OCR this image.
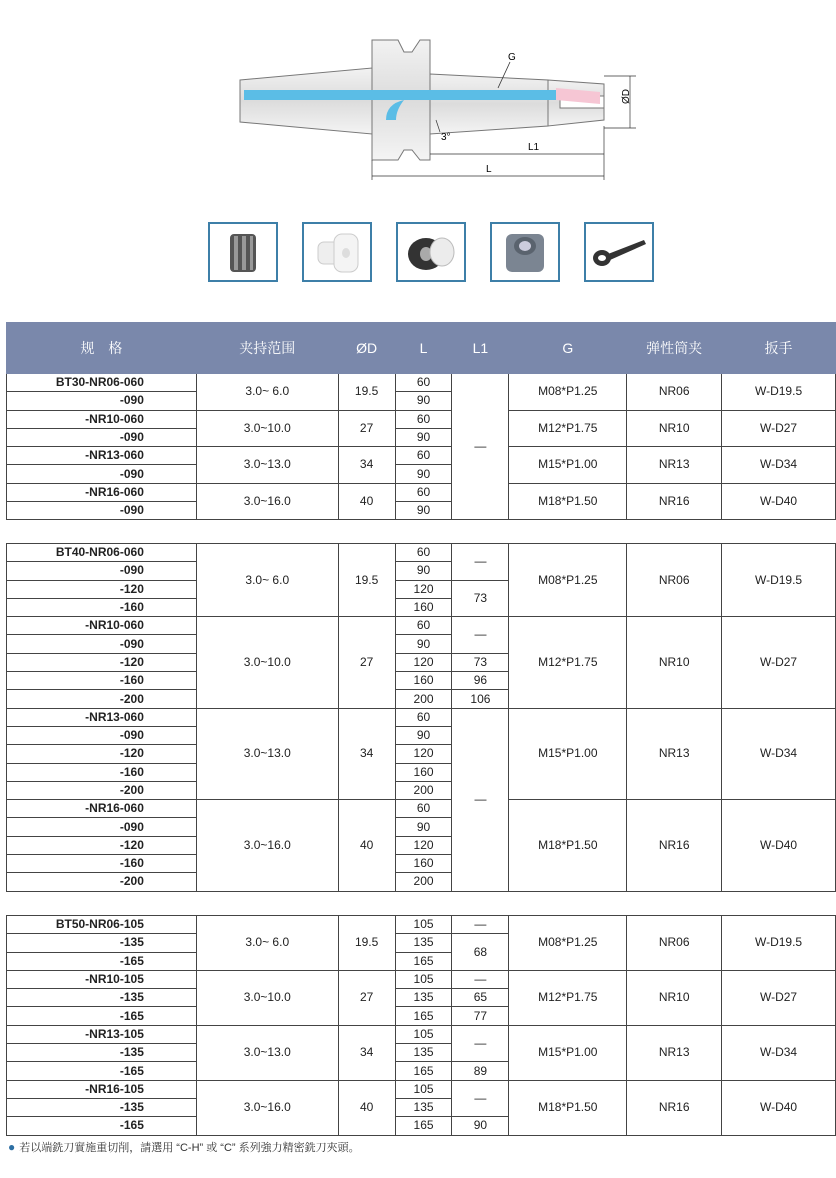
G
ØD
3°
L1
L
规　格	夹持范围	ØD	L	L1	G	弹性筒夹	扳手
BT30-NR06-060	3.0~ 6.0	19.5	60	—	M08*P1.25	NR06	W-D19.5
-090			90				
-NR10-060	3.0~10.0	27	60		M12*P1.75	NR10	W-D27
-090			90				
-NR13-060	3.0~13.0	34	60		M15*P1.00	NR13	W-D34
-090			90				
-NR16-060	3.0~16.0	40	60		M18*P1.50	NR16	W-D40
-090			90				
BT40-NR06-060	3.0~ 6.0	19.5	60	—	M08*P1.25	NR06	W-D19.5
-090			90				
-120			120	73			
-160			160				
-NR10-060	3.0~10.0	27	60	—	M12*P1.75	NR10	W-D27
-090			90				
-120			120	73			
-160			160	96			
-200			200	106			
-NR13-060	3.0~13.0	34	60	—	M15*P1.00	NR13	W-D34
-090			90				
-120			120				
-160			160				
-200			200				
-NR16-060	3.0~16.0	40	60		M18*P1.50	NR16	W-D40
-090			90				
-120			120				
-160			160				
-200			200				
BT50-NR06-105	3.0~ 6.0	19.5	105	—	M08*P1.25	NR06	W-D19.5
-135			135	68			
-165			165				
-NR10-105	3.0~10.0	27	105	—	M12*P1.75	NR10	W-D27
-135			135	65			
-165			165	77			
-NR13-105	3.0~13.0	34	105	—	M15*P1.00	NR13	W-D34
-135			135				
-165			165	89			
-NR16-105	3.0~16.0	40	105	—	M18*P1.50	NR16	W-D40
-135			135				
-165			165	90			
● 若以端銑刀實施重切削，請選用 “C-H” 或 “C” 系列強力精密銑刀夾頭。
